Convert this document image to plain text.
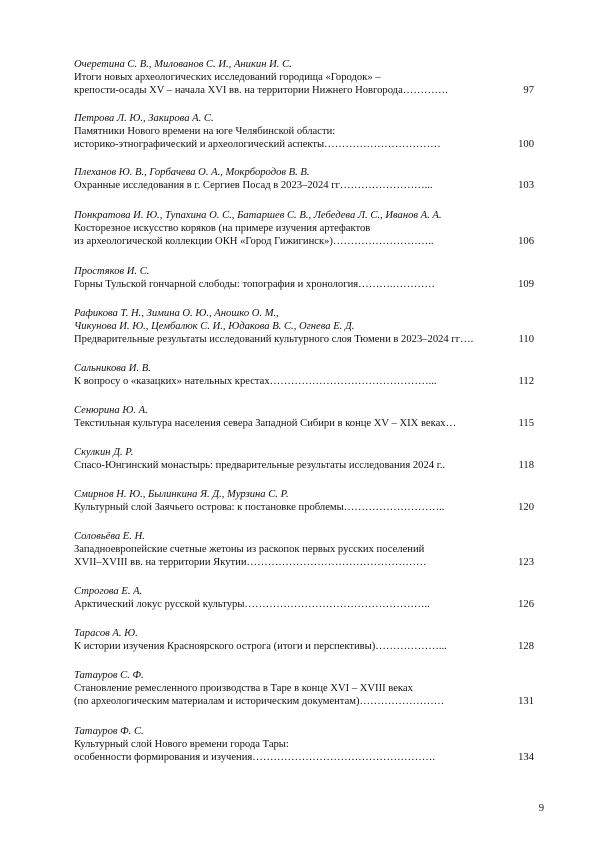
Очеретина С. В., Милованов С. И., Аникин И. С.
Итоги новых археологических исследований городища «Городок» –
крепости-осады XV – начала XVI вв. на территории Нижнего Новгорода………….	97
Петрова Л. Ю., Закирова А. С.
Памятники Нового времени на юге Челябинской области:
историко-этнографический и археологический аспекты……………………………	100
Плеханов Ю. В., Горбачева О. А., Мокрбородов В. В.
Охранные исследования в г. Сергиев Посад в 2023–2024 гг……………………...	103
Понкратова И. Ю., Тупахина О. С., Батаршев С. В., Лебедева Л. С., Иванов А. А.
Косторезное искусство коряков (на примере изучения артефактов
из археологической коллекции ОКН «Город Гижигинск»)………………………..	106
Простяков И. С.
Горны Тульской гончарной слободы: топография и хронология……….…………	109
Рафикова Т. Н., Зимина О. Ю., Аношко О. М.,
Чикунова И. Ю., Цембалюк С. И., Юдакова В. С., Огнева Е. Д.
Предварительные результаты исследований культурного слоя Тюмени в 2023–2024 гг….	110
Сальникова И. В.
К вопросу о «казацких» нательных крестах………………………………………...	112
Сенюрина Ю. А.
Текстильная культура населения севера Западной Сибири в конце XV – XIX веках…	115
Скулкин Д. Р.
Спасо-Юнгинский монастырь: предварительные результаты исследования 2024 г..	118
Смирнов Н. Ю., Былинкина Я. Д., Мурзина С. Р.
Культурный слой Заячьего острова: к постановке проблемы………………………..	120
Соловьёва Е. Н.
Западноевропейские счетные жетоны из раскопок первых русских поселений
XVII–XVIII вв. на территории Якутии……………………………………………	123
Строгова Е. А.
Арктический локус русской культуры……………………………………………..	126
Тарасов А. Ю.
К истории изучения Красноярского острога (итоги и перспективы)………………...	128
Татауров С. Ф.
Становление ремесленного производства в Таре в конце XVI – XVIII веках
(по археологическим материалам и историческим документам)……………………	131
Татауров Ф. С.
Культурный слой Нового времени города Тары:
особенности формирования и изучения…………………………………………….	134
9
